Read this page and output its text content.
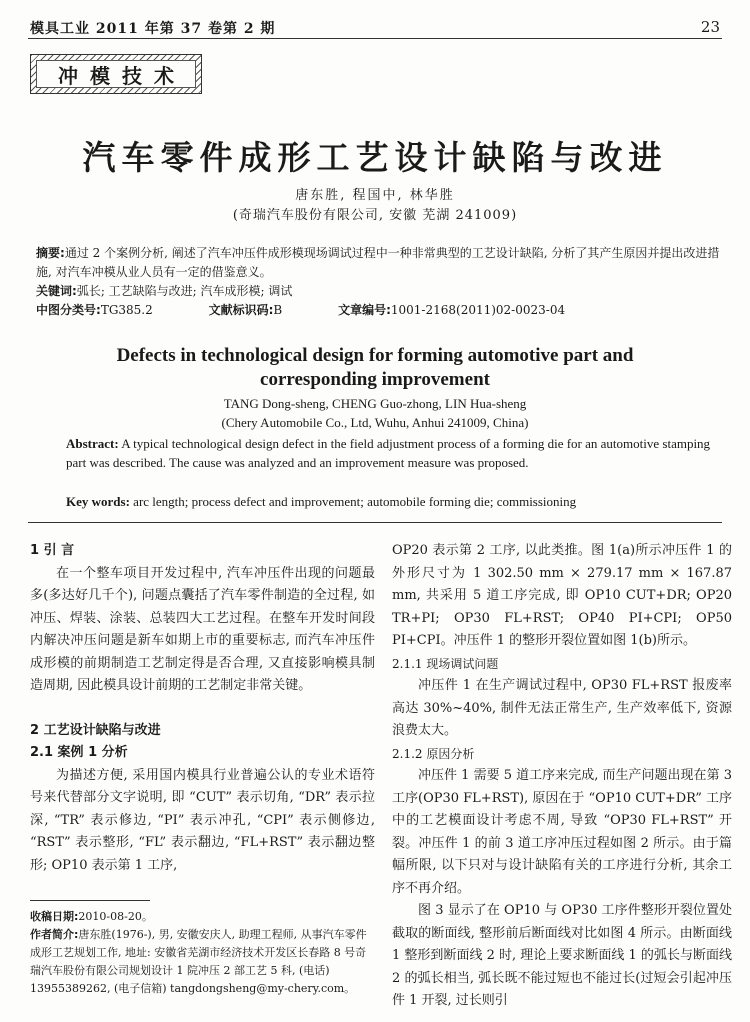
模具工业 2011 年第 37 卷第 2 期	23
冲模技术
汽车零件成形工艺设计缺陷与改进
唐东胜, 程国中, 林华胜
(奇瑞汽车股份有限公司, 安徽 芜湖 241009)
摘要:通过 2 个案例分析, 阐述了汽车冲压件成形模现场调试过程中一种非常典型的工艺设计缺陷, 分析了其产生原因并提出改进措施, 对汽车冲模从业人员有一定的借鉴意义。
关键词:弧长; 工艺缺陷与改进; 汽车成形模; 调试
中图分类号:TG385.2	文献标识码:B	文章编号:1001-2168(2011)02-0023-04
Defects in technological design for forming automotive part and
corresponding improvement
TANG Dong-sheng, CHENG Guo-zhong, LIN Hua-sheng
(Chery Automobile Co., Ltd, Wuhu, Anhui 241009, China)
Abstract: A typical technological design defect in the field adjustment process of a forming die for an automotive stamping part was described. The cause was analyzed and an improvement measure was proposed.
Key words: arc length; process defect and improvement; automobile forming die; commissioning
1 引 言

在一个整车项目开发过程中, 汽车冲压件出现的问题最多(多达好几千个), 问题点囊括了汽车零件制造的全过程, 如冲压、焊装、涂装、总装四大工艺过程。在整车开发时间段内解决冲压问题是新车如期上市的重要标志, 而汽车冲压件成形模的前期制造工艺制定得是否合理, 又直接影响模具制造周期, 因此模具设计前期的工艺制定非常关键。

2 工艺设计缺陷与改进
2.1 案例 1 分析

为描述方便, 采用国内模具行业普遍公认的专业术语符号来代替部分文字说明, 即 “CUT” 表示切角, “DR” 表示拉深, “TR” 表示修边, “PI” 表示冲孔, “CPI” 表示侧修边, “RST” 表示整形, “FL” 表示翻边, “FL+RST” 表示翻边整形; OP10 表示第 1 工序,

OP20 表示第 2 工序, 以此类推。图 1(a)所示冲压件 1 的外形尺寸为 1 302.50 mm × 279.17 mm × 167.87 mm, 共采用 5 道工序完成, 即 OP10 CUT+DR; OP20 TR+PI; OP30 FL+RST; OP40 PI+CPI; OP50 PI+CPI。冲压件 1 的整形开裂位置如图 1(b)所示。

2.1.1 现场调试问题

冲压件 1 在生产调试过程中, OP30 FL+RST 报废率高达 30%~40%, 制件无法正常生产, 生产效率低下, 资源浪费太大。

2.1.2 原因分析

冲压件 1 需要 5 道工序来完成, 而生产问题出现在第 3 工序(OP30 FL+RST), 原因在于 “OP10 CUT+DR” 工序中的工艺模面设计考虑不周, 导致 “OP30 FL+RST” 开裂。冲压件 1 的前 3 道工序冲压过程如图 2 所示。由于篇幅所限, 以下只对与设计缺陷有关的工序进行分析, 其余工序不再介绍。

图 3 显示了在 OP10 与 OP30 工序件整形开裂位置处截取的断面线, 整形前后断面线对比如图 4 所示。由断面线 1 整形到断面线 2 时, 理论上要求断面线 1 的弧长与断面线 2 的弧长相当, 弧长既不能过短也不能过长(过短会引起冲压件 1 开裂, 过长则引

收稿日期:2010-08-20。
作者简介:唐东胜(1976-), 男, 安徽安庆人, 助理工程师, 从事汽车零件成形工艺规划工作, 地址: 安徽省芜湖市经济技术开发区长春路 8 号奇瑞汽车股份有限公司规划设计 1 院冲压 2 部工艺 5 科, (电话) 13955389262, (电子信箱) tangdongsheng@my-chery.com。
